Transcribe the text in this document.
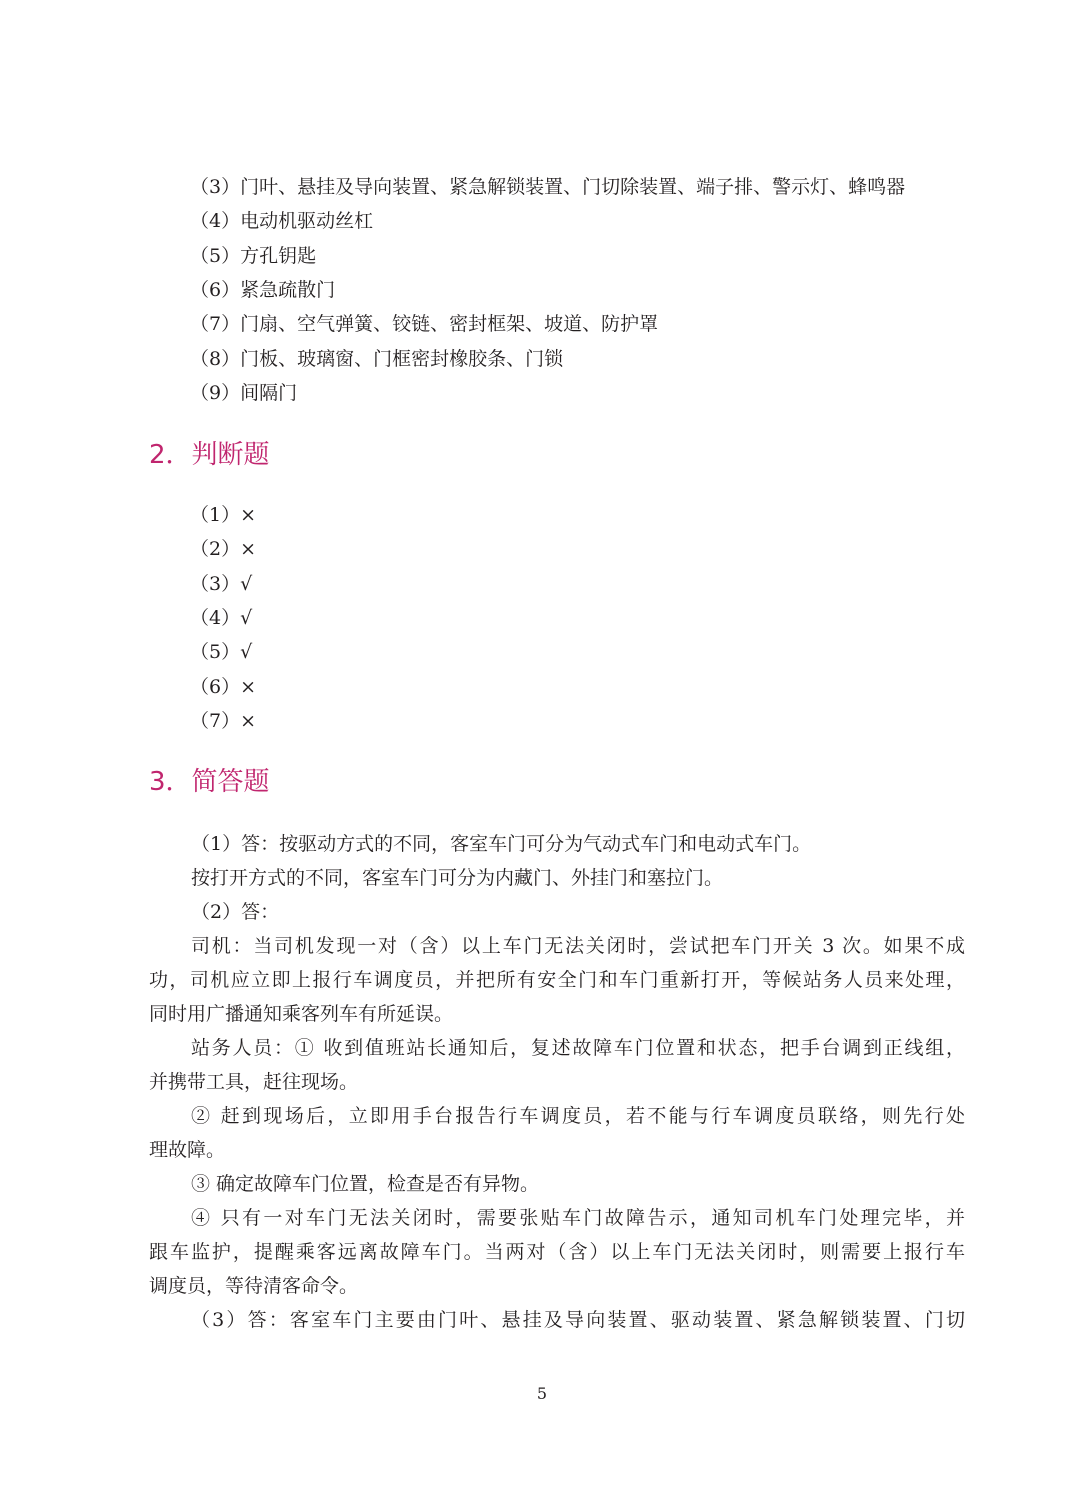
（3）门叶、悬挂及导向装置、紧急解锁装置、门切除装置、端子排、警示灯、蜂鸣器
（4）电动机驱动丝杠
（5）方孔钥匙
（6）紧急疏散门
（7）门扇、空气弹簧、铰链、密封框架、坡道、防护罩
（8）门板、玻璃窗、门框密封橡胶条、门锁
（9）间隔门
2．判断题
（1）×
（2）×
（3）√
（4）√
（5）√
（6）×
（7）×
3．简答题
（1）答：按驱动方式的不同，客室车门可分为气动式车门和电动式车门。
按打开方式的不同，客室车门可分为内藏门、外挂门和塞拉门。
（2）答：
司机：当司机发现一对（含）以上车门无法关闭时，尝试把车门开关 3 次。如果不成
功，司机应立即上报行车调度员，并把所有安全门和车门重新打开，等候站务人员来处理，
同时用广播通知乘客列车有所延误。
站务人员：① 收到值班站长通知后，复述故障车门位置和状态，把手台调到正线组，
并携带工具，赶往现场。
② 赶到现场后，立即用手台报告行车调度员，若不能与行车调度员联络，则先行处
理故障。
③ 确定故障车门位置，检查是否有异物。
④ 只有一对车门无法关闭时，需要张贴车门故障告示，通知司机车门处理完毕，并
跟车监护，提醒乘客远离故障车门。当两对（含）以上车门无法关闭时，则需要上报行车
调度员，等待清客命令。
（3）答：客室车门主要由门叶、悬挂及导向装置、驱动装置、紧急解锁装置、门切
5
